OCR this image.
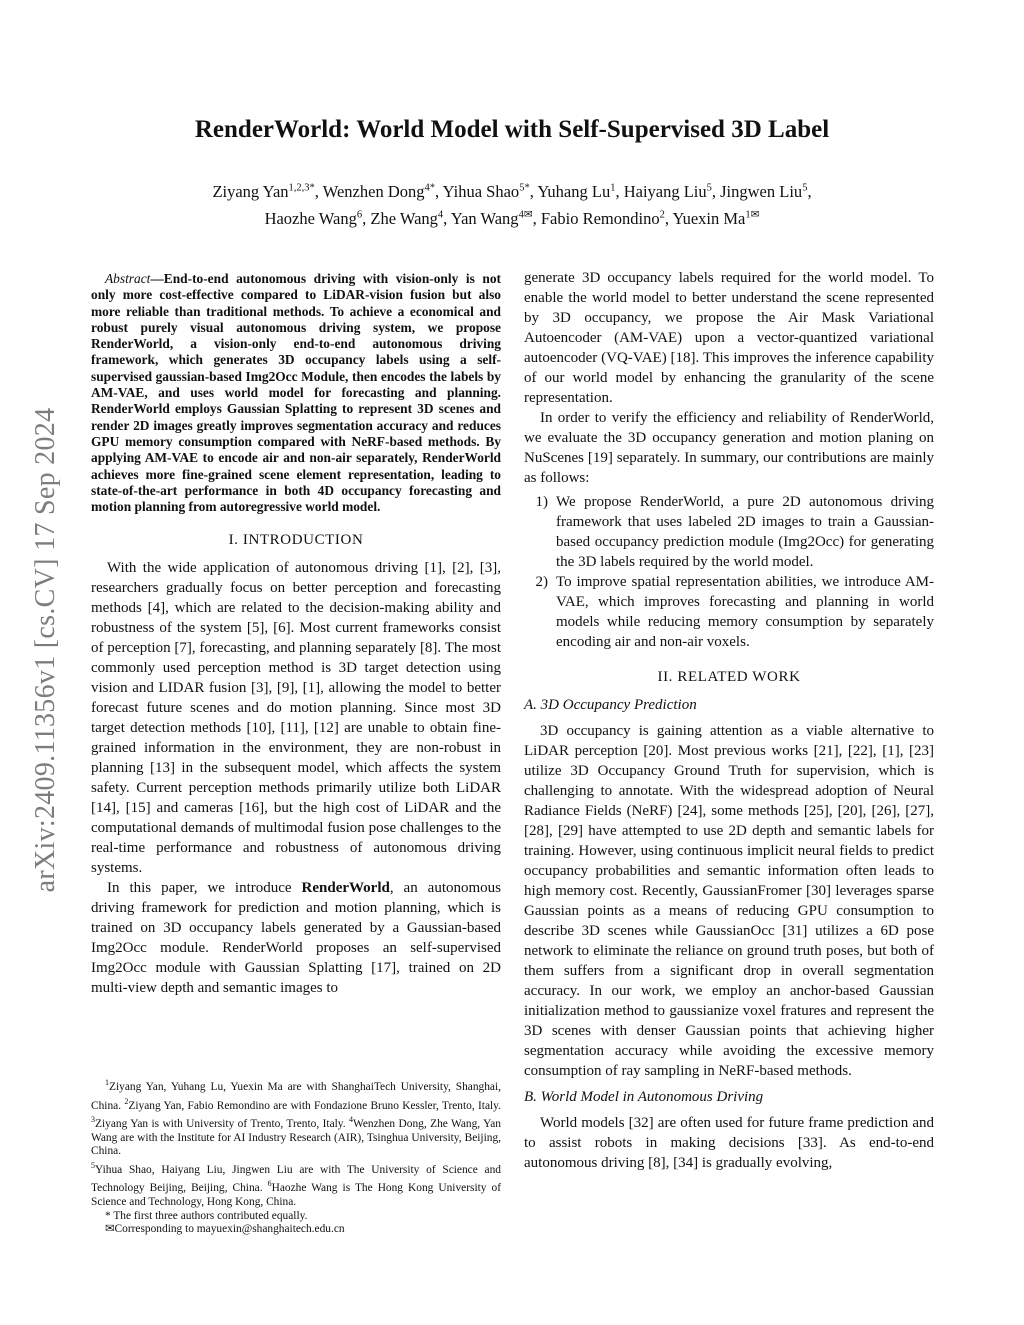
arXiv:2409.11356v1 [cs.CV] 17 Sep 2024
RenderWorld: World Model with Self-Supervised 3D Label
Ziyang Yan$^{1,2,3*}$, Wenzhen Dong$^{4*}$, Yihua Shao$^{5*}$, Yuhang Lu$^1$, Haiyang Liu$^5$, Jingwen Liu$^5$,
Haozhe Wang$^6$, Zhe Wang$^4$, Yan Wang$^{4✉}$, Fabio Remondino$^2$, Yuexin $Ma^{1✉}$

Abstract—End-to-end autonomous driving with vision-only is not only more cost-effective compared to LiDAR-vision fusion but also more reliable than traditional methods. To achieve a economical and robust purely visual autonomous driving system, we propose RenderWorld, a vision-only end-to-end autonomous driving framework, which generates 3D occupancy labels using a self-supervised gaussian-based Img2Occ Module, then encodes the labels by AM-VAE, and uses world model for forecasting and planning. RenderWorld employs Gaussian Splatting to represent 3D scenes and render 2D images greatly improves segmentation accuracy and reduces GPU memory consumption compared with NeRF-based methods. By applying AM-VAE to encode air and non-air separately, RenderWorld achieves more fine-grained scene element representation, leading to state-of-the-art performance in both 4D occupancy forecasting and motion planning from autoregressive world model.

I. INTRODUCTION

With the wide application of autonomous driving [1], [2], [3], researchers gradually focus on better perception and forecasting methods [4], which are related to the decision-making ability and robustness of the system [5], [6]. Most current frameworks consist of perception [7], forecasting, and planning separately [8]. The most commonly used perception method is 3D target detection using vision and LIDAR fusion [3], [9], [1], allowing the model to better forecast future scenes and do motion planning. Since most 3D target detection methods [10], [11], [12] are unable to obtain fine-grained information in the environment, they are non-robust in planning [13] in the subsequent model, which affects the system safety. Current perception methods primarily utilize both LiDAR [14], [15] and cameras [16], but the high cost of LiDAR and the computational demands of multimodal fusion pose challenges to the real-time performance and robustness of autonomous driving systems.

In this paper, we introduce RenderWorld, an autonomous driving framework for prediction and motion planning, which is trained on 3D occupancy labels generated by a Gaussian-based Img2Occ module. RenderWorld proposes an self-supervised Img2Occ module with Gaussian Splatting [17], trained on 2D multi-view depth and semantic images to

$^1$Ziyang Yan, Yuhang Lu, Yuexin Ma are with ShanghaiTech University, Shanghai, China. $^2$Ziyang Yan, Fabio Remondino are with Fondazione Bruno Kessler, Trento, Italy. $^3$Ziyang Yan is with University of Trento, Trento, Italy. $^4$Wenzhen Dong, Zhe Wang, Yan Wang are with the Institute for AI Industry Research (AIR), Tsinghua University, Beijing, China.
$^5$Yihua Shao, Haiyang Liu, Jingwen Liu are with The University of Science and Technology Beijing, Beijing, China. $^6$Haozhe Wang is The Hong Kong University of Science and Technology, Hong Kong, China.

* The first three authors contributed equally.

✉Corresponding to mayuexin@shanghaitech.edu.cn

generate 3D occupancy labels required for the world model. To enable the world model to better understand the scene represented by 3D occupancy, we propose the Air Mask Variational Autoencoder (AM-VAE) upon a vector-quantized variational autoencoder (VQ-VAE) [18]. This improves the inference capability of our world model by enhancing the granularity of the scene representation.

In order to verify the efficiency and reliability of RenderWorld, we evaluate the 3D occupancy generation and motion planing on NuScenes [19] separately. In summary, our contributions are mainly as follows:

1) We propose RenderWorld, a pure 2D autonomous driving framework that uses labeled 2D images to train a Gaussian-based occupancy prediction module (Img2Occ) for generating the 3D labels required by the world model.
2) To improve spatial representation abilities, we introduce AM-VAE, which improves forecasting and planning in world models while reducing memory consumption by separately encoding air and non-air voxels.
II. RELATED WORK
A. 3D Occupancy Prediction

3D occupancy is gaining attention as a viable alternative to LiDAR perception [20]. Most previous works [21], [22], [1], [23] utilize 3D Occupancy Ground Truth for supervision, which is challenging to annotate. With the widespread adoption of Neural Radiance Fields (NeRF) [24], some methods [25], [20], [26], [27], [28], [29] have attempted to use 2D depth and semantic labels for training. However, using continuous implicit neural fields to predict occupancy probabilities and semantic information often leads to high memory cost. Recently, GaussianFromer [30] leverages sparse Gaussian points as a means of reducing GPU consumption to describe 3D scenes while GaussianOcc [31] utilizes a 6D pose network to eliminate the reliance on ground truth poses, but both of them suffers from a significant drop in overall segmentation accuracy. In our work, we employ an anchor-based Gaussian initialization method to gaussianize voxel fratures and represent the 3D scenes with denser Gaussian points that achieving higher segmentation accuracy while avoiding the excessive memory consumption of ray sampling in NeRF-based methods.

B. World Model in Autonomous Driving

World models [32] are often used for future frame prediction and to assist robots in making decisions [33]. As end-to-end autonomous driving [8], [34] is gradually evolving,
